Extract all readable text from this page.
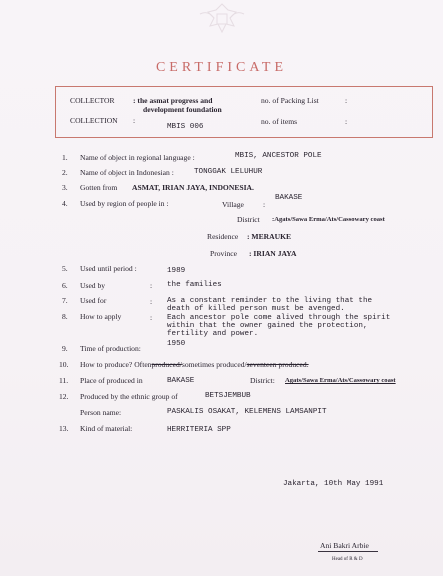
CERTIFICATE
COLLECTOR : the asmat progress and
development foundation
no. of Packing List	:
COLLECTION :
MBIS 006
no. of items	:
1. Name of object in regional language :	MBIS, ANCESTOR POLE
2. Name of object in Indonesian :	TONGGAK LELUHUR
3. Gotten from ASMAT, IRIAN JAYA, INDONESIA.
4. Used by region of people in :	Village	:
BAKASE
District :Agats/Sawa Erma/Ats/Cassowary coast
Residence : MERAUKE
Province : IRIAN JAYA
5. Used until period :	1989
6. Used by	: the families
7. Used for	: As a constant reminder to the living that the
death of killed person must be avenged.
8. How to apply	: Each ancestor pole come alived through the spirit
within that the owner gained the protection,
fertility and power.
9. Time of production:	1950
10. How to produce? Oftenproduced/sometimes produced/seventeen produced.
11. Place of produced in	BAKASE	District: Agats/Sawa Erma/Ats/Cassowary coast
12. Produced by the ethnic group of	BETSJEMBUB
Person name:	PASKALIS OSAKAT, KELEMENS LAMSANPIT
13. Kind of material:	HERRITERIA SPP
Jakarta, 10th May 1991
Ani Bakri Arbie
Head of R & D
